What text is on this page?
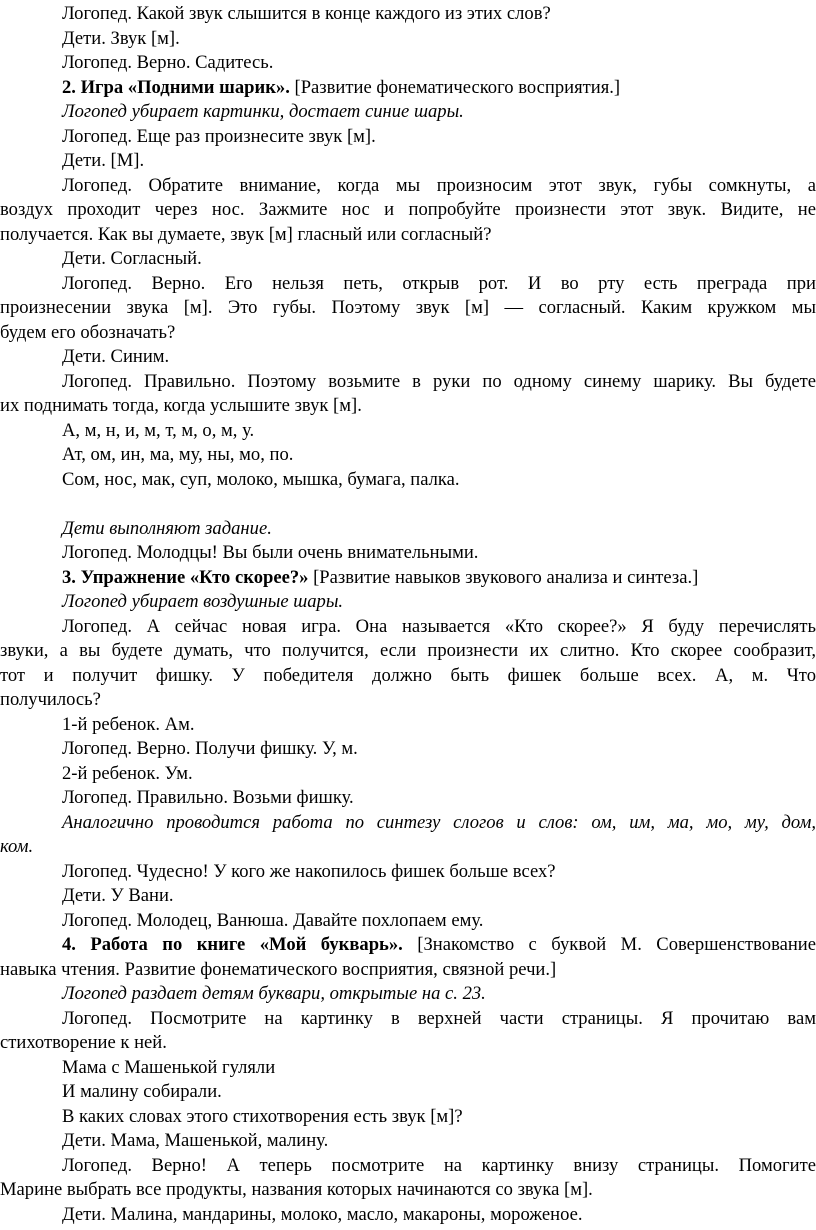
Логопед. Какой звук слышится в конце каждого из этих слов?

Дети. Звук [м].

Логопед. Верно. Садитесь.

2. Игра «Подними шарик». [Развитие фонематического восприятия.]

Логопед убирает картинки, достает синие шары.

Логопед. Еще раз произнесите звук [м].

Дети. [М].

Логопед. Обратите внимание, когда мы произносим этот звук, губы сомкнуты, а

воздух проходит через нос. Зажмите нос и попробуйте произнести этот звук. Видите, не

получается. Как вы думаете, звук [м] гласный или согласный?

Дети. Согласный.

Логопед. Верно. Его нельзя петь, открыв рот. И во рту есть преграда при

произнесении звука [м]. Это губы. Поэтому звук [м] — согласный. Каким кружком мы

будем его обозначать?

Дети. Синим.

Логопед. Правильно. Поэтому возьмите в руки по одному синему шарику. Вы будете

их поднимать тогда, когда услышите звук [м].

А, м, н, и, м, т, м, о, м, у.

Ат, ом, ин, ма, му, ны, мо, по.

Сом, нос, мак, суп, молоко, мышка, бумага, палка.

Дети выполняют задание.

Логопед. Молодцы! Вы были очень внимательными.

3. Упражнение «Кто скорее?» [Развитие навыков звукового анализа и синтеза.]

Логопед убирает воздушные шары.

Логопед. А сейчас новая игра. Она называется «Кто скорее?» Я буду перечислять

звуки, а вы будете думать, что получится, если произнести их слитно. Кто скорее сообразит,

тот и получит фишку. У победителя должно быть фишек больше всех. А, м. Что

получилось?

1-й ребенок. Ам.

Логопед. Верно. Получи фишку. У, м.

2-й ребенок. Ум.

Логопед. Правильно. Возьми фишку.

Аналогично проводится работа по синтезу слогов и слов: ом, им, ма, мо, му, дом,

ком.

Логопед. Чудесно! У кого же накопилось фишек больше всех?

Дети. У Вани.

Логопед. Молодец, Ванюша. Давайте похлопаем ему.

4. Работа по книге «Мой букварь». [Знакомство с буквой М. Совершенствование

навыка чтения. Развитие фонематического восприятия, связной речи.]

Логопед раздает детям буквари, открытые на с. 23.

Логопед. Посмотрите на картинку в верхней части страницы. Я прочитаю вам

стихотворение к ней.

Мама с Машенькой гуляли

И малину собирали.

В каких словах этого стихотворения есть звук [м]?

Дети. Мама, Машенькой, малину.

Логопед. Верно! А теперь посмотрите на картинку внизу страницы. Помогите

Марине выбрать все продукты, названия которых начинаются со звука [м].

Дети. Малина, мандарины, молоко, масло, макароны, мороженое.
